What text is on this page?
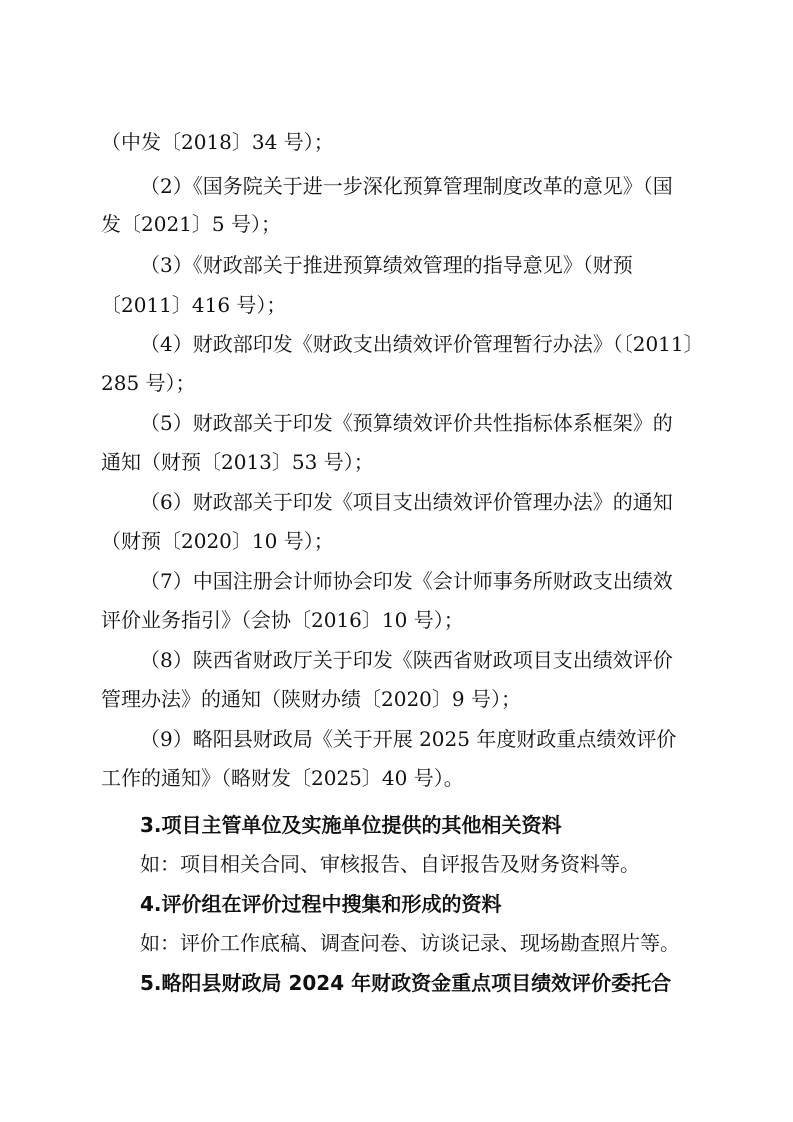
（中发〔2018〕34 号）；
（2）《国务院关于进一步深化预算管理制度改革的意见》（国
发〔2021〕5 号）；
（3）《财政部关于推进预算绩效管理的指导意见》（财预
〔2011〕416 号）；
（4）财政部印发《财政支出绩效评价管理暂行办法》（〔2011〕
285 号）；
（5）财政部关于印发《预算绩效评价共性指标体系框架》的
通知（财预〔2013〕53 号）；
（6）财政部关于印发《项目支出绩效评价管理办法》的通知
（财预〔2020〕10 号）；
（7）中国注册会计师协会印发《会计师事务所财政支出绩效
评价业务指引》（会协〔2016〕10 号）；
（8）陕西省财政厅关于印发《陕西省财政项目支出绩效评价
管理办法》的通知（陕财办绩〔2020〕9 号）；
（9）略阳县财政局《关于开展 2025 年度财政重点绩效评价
工作的通知》（略财发〔2025〕40 号）。
3.项目主管单位及实施单位提供的其他相关资料
如：项目相关合同、审核报告、自评报告及财务资料等。
4.评价组在评价过程中搜集和形成的资料
如：评价工作底稿、调查问卷、访谈记录、现场勘查照片等。
5.略阳县财政局 2024 年财政资金重点项目绩效评价委托合
